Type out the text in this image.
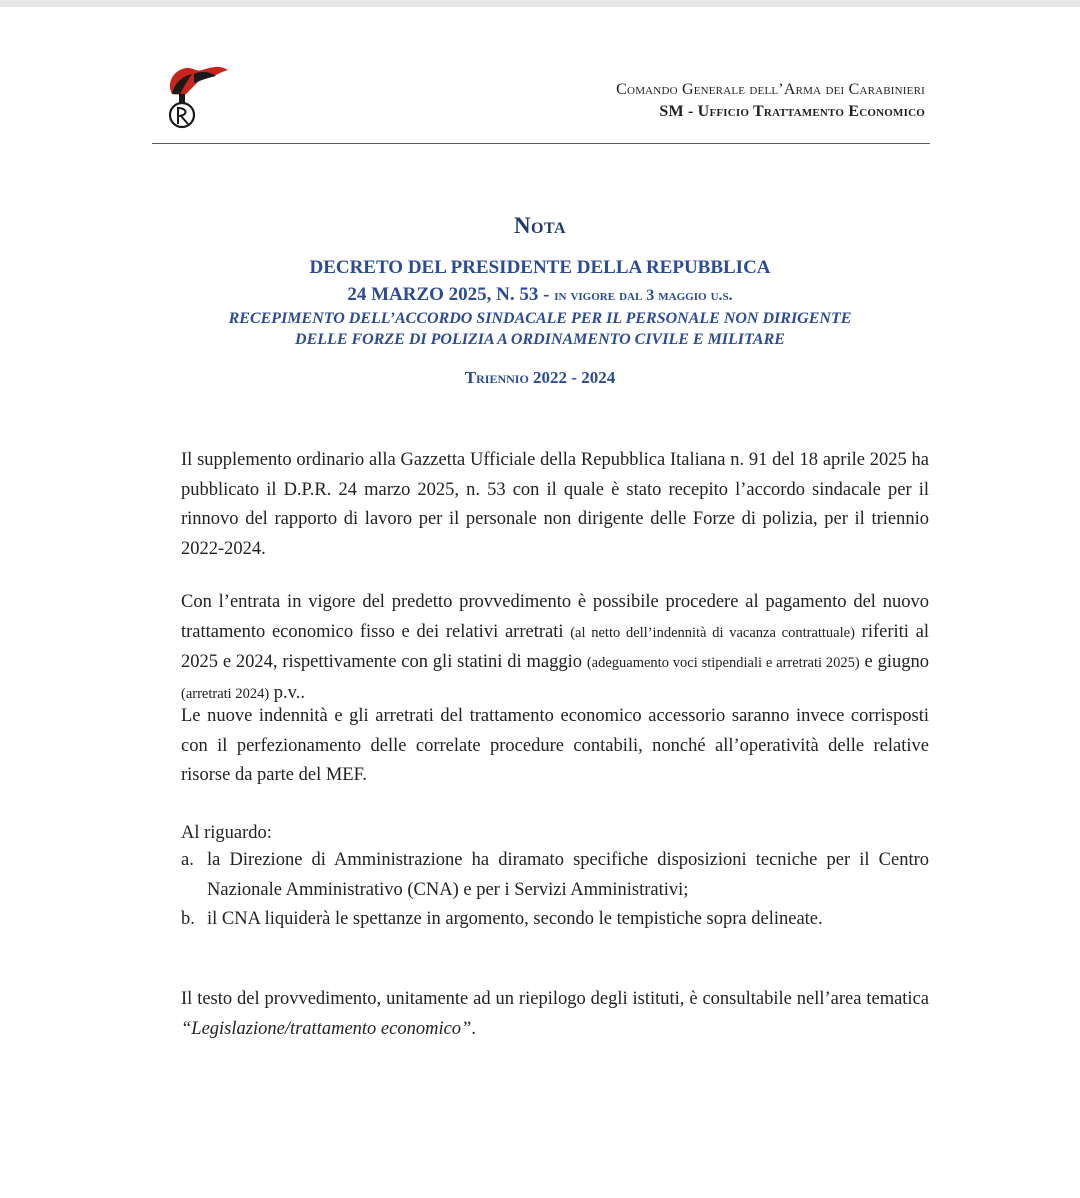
Comando Generale dell’Arma dei Carabinieri
SM - Ufficio Trattamento Economico
Nota
DECRETO DEL PRESIDENTE DELLA REPUBBLICA
24 MARZO 2025, N. 53 - in vigore dal 3 maggio u.s.
RECEPIMENTO DELL’ACCORDO SINDACALE PER IL PERSONALE NON DIRIGENTE
DELLE FORZE DI POLIZIA A ORDINAMENTO CIVILE E MILITARE
Triennio 2022 - 2024
Il supplemento ordinario alla Gazzetta Ufficiale della Repubblica Italiana n. 91 del 18 aprile 2025 ha pubblicato il D.P.R. 24 marzo 2025, n. 53 con il quale è stato recepito l’accordo sindacale per il rinnovo del rapporto di lavoro per il personale non dirigente delle Forze di polizia, per il triennio 2022-2024.
Con l’entrata in vigore del predetto provvedimento è possibile procedere al pagamento del nuovo trattamento economico fisso e dei relativi arretrati (al netto dell’indennità di vacanza contrattuale) riferiti al 2025 e 2024, rispettivamente con gli statini di maggio (adeguamento voci stipendiali e arretrati 2025) e giugno (arretrati 2024) p.v..
Le nuove indennità e gli arretrati del trattamento economico accessorio saranno invece corrisposti con il perfezionamento delle correlate procedure contabili, nonché all’operatività delle relative risorse da parte del MEF.
Al riguardo:
a. la Direzione di Amministrazione ha diramato specifiche disposizioni tecniche per il Centro Nazionale Amministrativo (CNA) e per i Servizi Amministrativi;
b. il CNA liquiderà le spettanze in argomento, secondo le tempistiche sopra delineate.
Il testo del provvedimento, unitamente ad un riepilogo degli istituti, è consultabile nell’area tematica “Legislazione/trattamento economico”.
